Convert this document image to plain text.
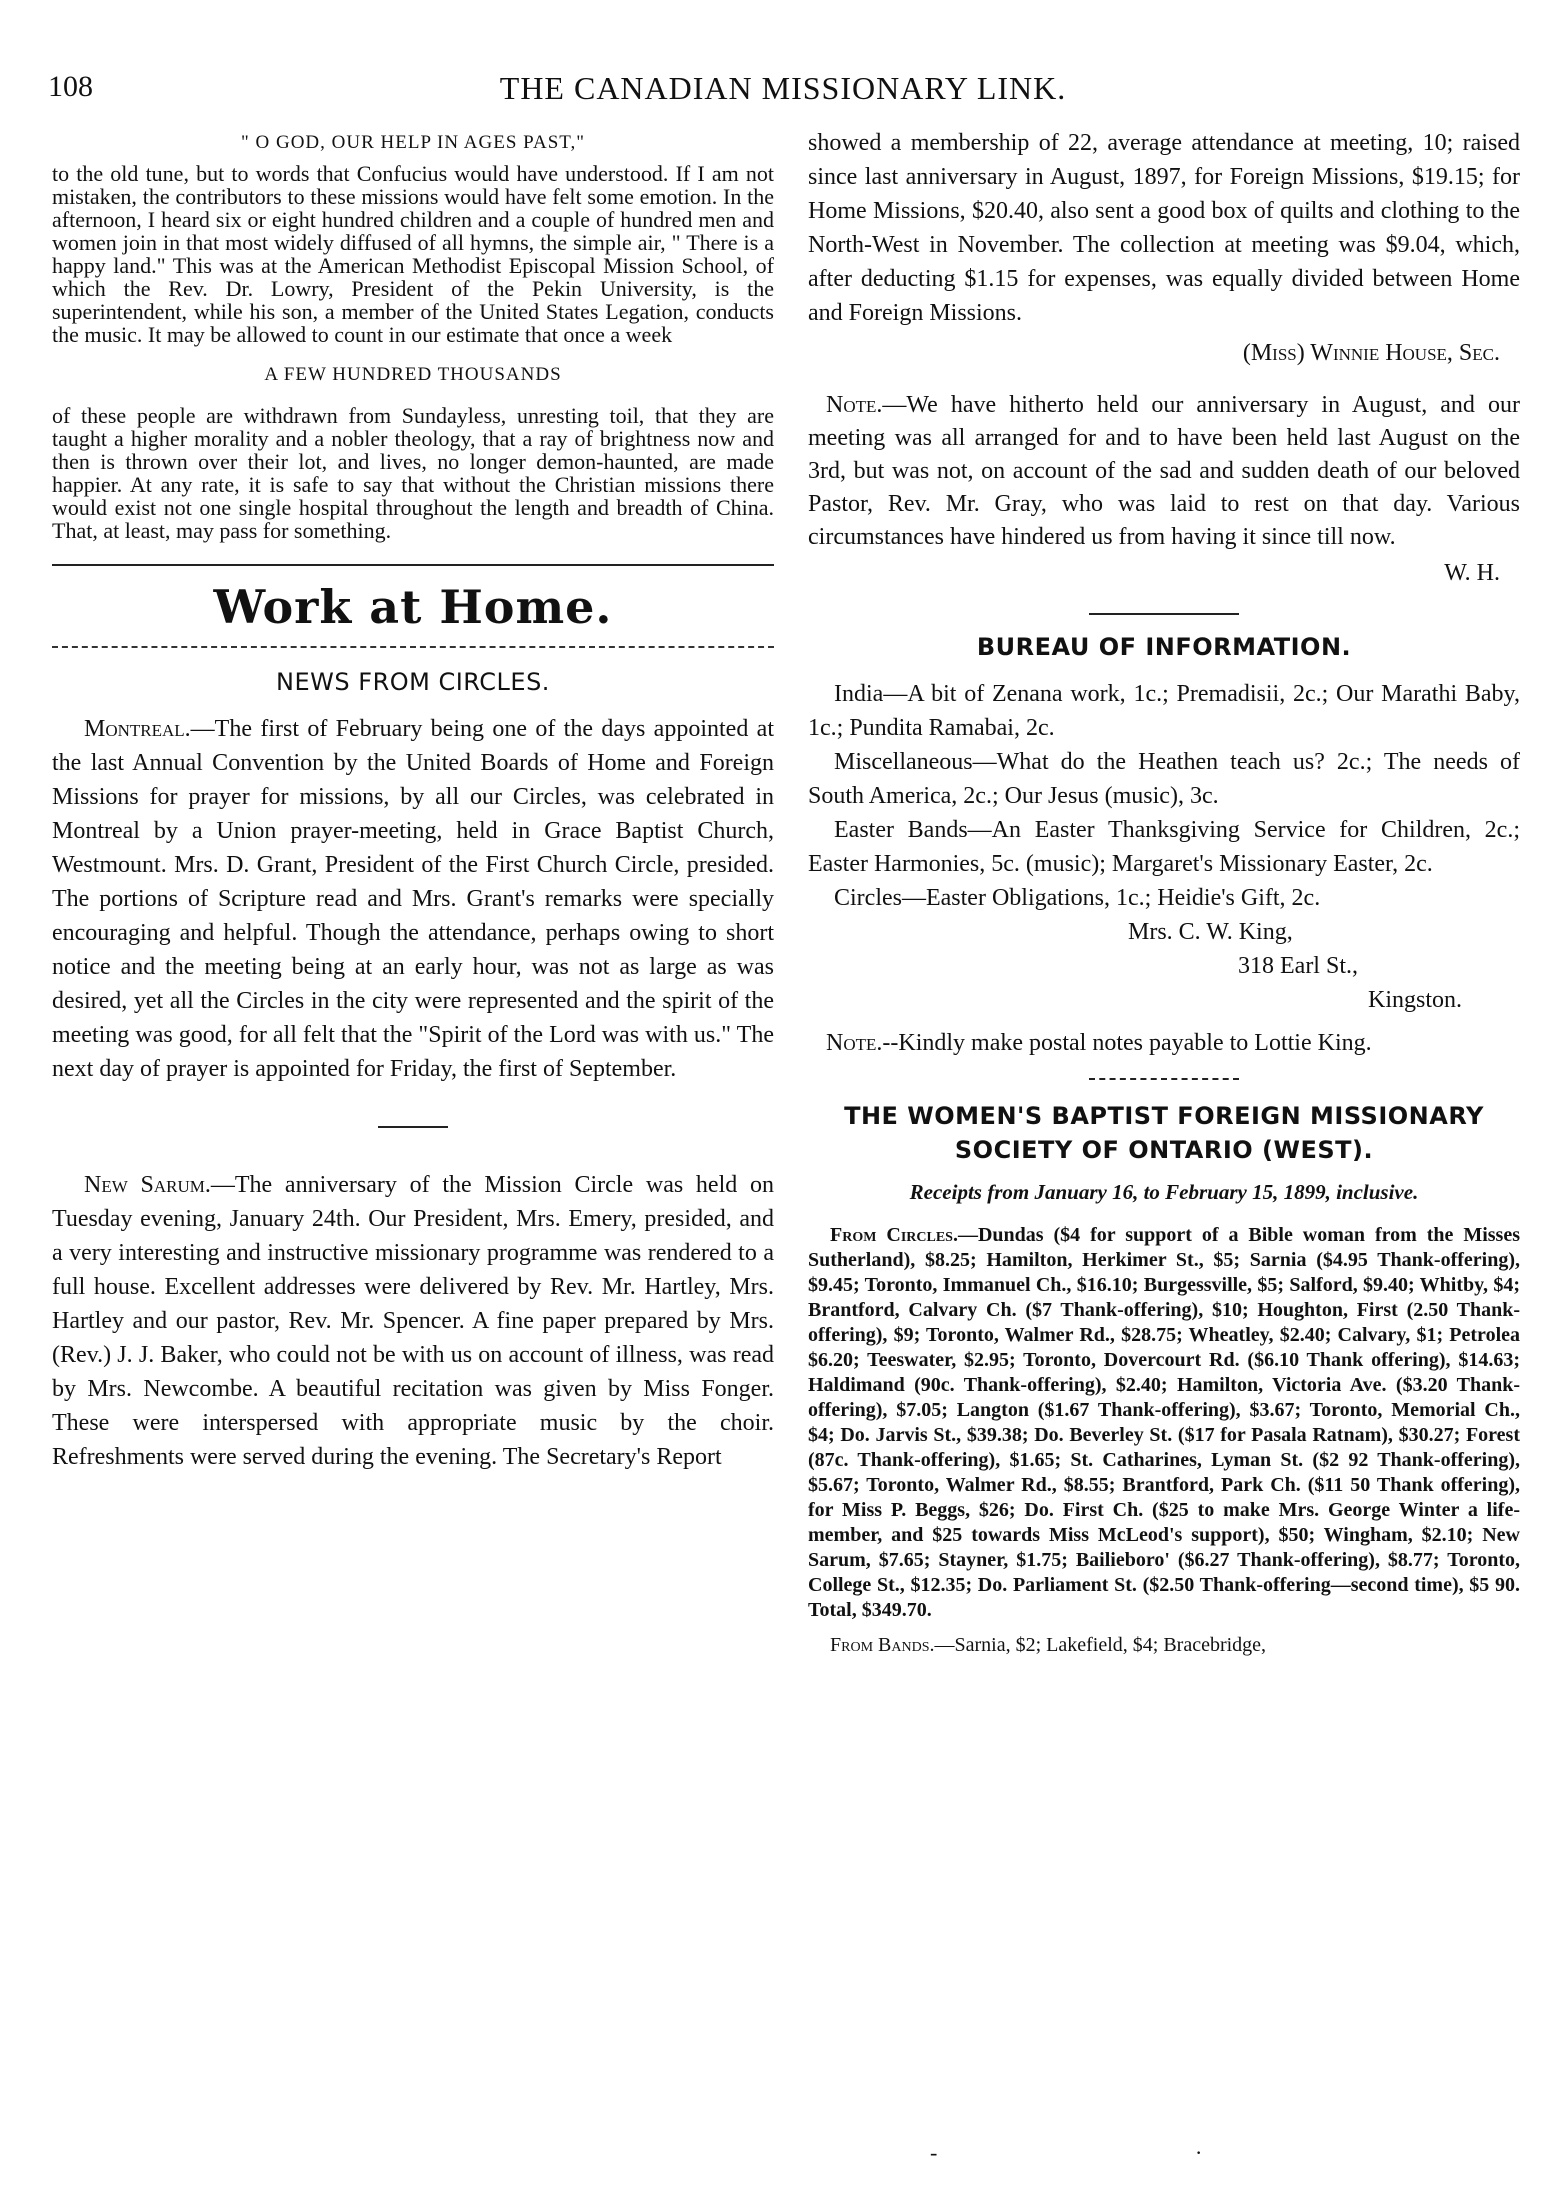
108	THE CANADIAN MISSIONARY LINK.
" O GOD, OUR HELP IN AGES PAST,"

to the old tune, but to words that Confucius would have understood. If I am not mistaken, the contributors to these missions would have felt some emotion. In the afternoon, I heard six or eight hundred children and a couple of hundred men and women join in that most widely diffused of all hymns, the simple air, " There is a happy land." This was at the American Methodist Episcopal Mission School, of which the Rev. Dr. Lowry, President of the Pekin University, is the superintendent, while his son, a member of the United States Legation, conducts the music. It may be allowed to count in our estimate that once a week

A FEW HUNDRED THOUSANDS

of these people are withdrawn from Sundayless, unresting toil, that they are taught a higher morality and a nobler theology, that a ray of brightness now and then is thrown over their lot, and lives, no longer demon-haunted, are made happier. At any rate, it is safe to say that without the Christian missions there would exist not one single hospital throughout the length and breadth of China. That, at least, may pass for something.

Work at Home.
NEWS FROM CIRCLES.

Montreal.—The first of February being one of the days appointed at the last Annual Convention by the United Boards of Home and Foreign Missions for prayer for missions, by all our Circles, was celebrated in Montreal by a Union prayer-meeting, held in Grace Baptist Church, Westmount. Mrs. D. Grant, President of the First Church Circle, presided. The portions of Scripture read and Mrs. Grant's remarks were specially encouraging and helpful. Though the attendance, perhaps owing to short notice and the meeting being at an early hour, was not as large as was desired, yet all the Circles in the city were represented and the spirit of the meeting was good, for all felt that the "Spirit of the Lord was with us." The next day of prayer is appointed for Friday, the first of September.

New Sarum.—The anniversary of the Mission Circle was held on Tuesday evening, January 24th. Our President, Mrs. Emery, presided, and a very interesting and instructive missionary programme was rendered to a full house. Excellent addresses were delivered by Rev. Mr. Hartley, Mrs. Hartley and our pastor, Rev. Mr. Spencer. A fine paper prepared by Mrs. (Rev.) J. J. Baker, who could not be with us on account of illness, was read by Mrs. Newcombe. A beautiful recitation was given by Miss Fonger. These were interspersed with appropriate music by the choir. Refreshments were served during the evening. The Secretary's Report

showed a membership of 22, average attendance at meeting, 10; raised since last anniversary in August, 1897, for Foreign Missions, $19.15; for Home Missions, $20.40, also sent a good box of quilts and clothing to the North-West in November. The collection at meeting was $9.04, which, after deducting $1.15 for expenses, was equally divided between Home and Foreign Missions.

(Miss) Winnie House, Sec.

Note.—We have hitherto held our anniversary in August, and our meeting was all arranged for and to have been held last August on the 3rd, but was not, on account of the sad and sudden death of our beloved Pastor, Rev. Mr. Gray, who was laid to rest on that day. Various circumstances have hindered us from having it since till now.

W. H.
BUREAU OF INFORMATION.

India—A bit of Zenana work, 1c.; Premadisii, 2c.; Our Marathi Baby, 1c.; Pundita Ramabai, 2c.

Miscellaneous—What do the Heathen teach us? 2c.; The needs of South America, 2c.; Our Jesus (music), 3c.

Easter Bands—An Easter Thanksgiving Service for Children, 2c.; Easter Harmonies, 5c. (music); Margaret's Missionary Easter, 2c.

Circles—Easter Obligations, 1c.; Heidie's Gift, 2c.

Mrs. C. W. King,
318 Earl St.,
Kingston.

Note.--Kindly make postal notes payable to Lottie King.

THE WOMEN'S BAPTIST FOREIGN MISSIONARY
SOCIETY OF ONTARIO (WEST).
Receipts from January 16, to February 15, 1899, inclusive.

From Circles.—Dundas ($4 for support of a Bible woman from the Misses Sutherland), $8.25; Hamilton, Herkimer St., $5; Sarnia ($4.95 Thank-offering), $9.45; Toronto, Immanuel Ch., $16.10; Burgessville, $5; Salford, $9.40; Whitby, $4; Brantford, Calvary Ch. ($7 Thank-offering), $10; Houghton, First (2.50 Thank-offering), $9; Toronto, Walmer Rd., $28.75; Wheatley, $2.40; Calvary, $1; Petrolea $6.20; Teeswater, $2.95; Toronto, Dovercourt Rd. ($6.10 Thank offering), $14.63; Haldimand (90c. Thank-offering), $2.40; Hamilton, Victoria Ave. ($3.20 Thank-offering), $7.05; Langton ($1.67 Thank-offering), $3.67; Toronto, Memorial Ch., $4; Do. Jarvis St., $39.38; Do. Beverley St. ($17 for Pasala Ratnam), $30.27; Forest (87c. Thank-offering), $1.65; St. Catharines, Lyman St. ($2 92 Thank-offering), $5.67; Toronto, Walmer Rd., $8.55; Brantford, Park Ch. ($11 50 Thank offering), for Miss P. Beggs, $26; Do. First Ch. ($25 to make Mrs. George Winter a life-member, and $25 towards Miss McLeod's support), $50; Wingham, $2.10; New Sarum, $7.65; Stayner, $1.75; Bailieboro' ($6.27 Thank-offering), $8.77; Toronto, College St., $12.35; Do. Parliament St. ($2.50 Thank-offering—second time), $5 90. Total, $349.70.

From Bands.—Sarnia, $2; Lakefield, $4; Bracebridge,

-	·
